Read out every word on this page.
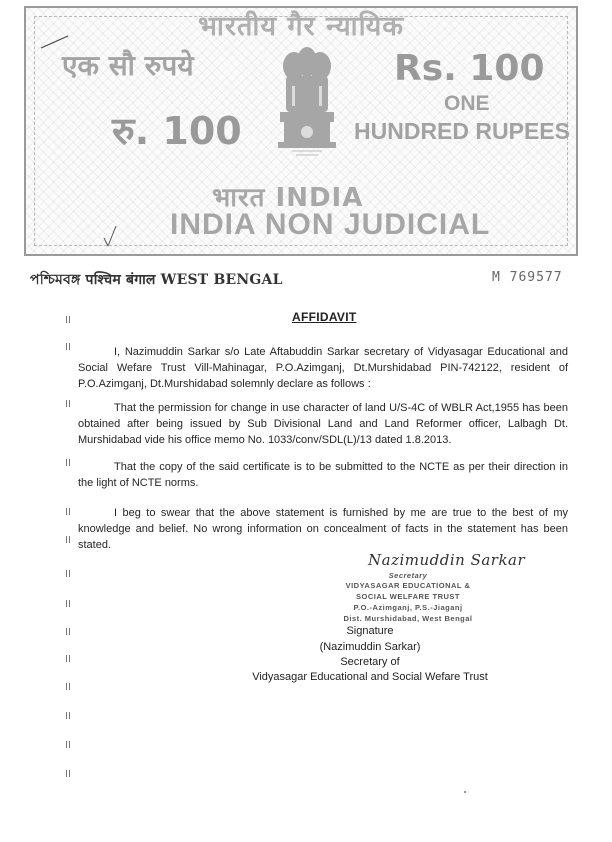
भारतीय गैर न्यायिक
एक सौ रुपये
रु. 100
Rs. 100
ONE
HUNDRED RUPEES
भारत INDIA
INDIA NON JUDICIAL
পশ্চিমবঙ্গ पश्चिम बंगाल WEST BENGAL	M 769577
AFFIDAVIT

I, Nazimuddin Sarkar s/o Late Aftabuddin Sarkar secretary of Vidyasagar Educational and Social Wefare Trust Vill-Mahinagar, P.O.Azimganj, Dt.Murshidabad PIN-742122, resident of P.O.Azimganj, Dt.Murshidabad solemnly declare as follows :

That the permission for change in use character of land U/S-4C of WBLR Act,1955 has been obtained after being issued by Sub Divisional Land and Land Reformer officer, Lalbagh Dt. Murshidabad vide his office memo No. 1033/conv/SDL(L)/13 dated 1.8.2013.

That the copy of the said certificate is to be submitted to the NCTE as per their direction in the light of NCTE norms.

I beg to swear that the above statement is furnished by me are true to the best of my knowledge and belief. No wrong information on concealment of facts in the statement has been stated.

Nazimuddin Sarkar
Secretary
VIDYASAGAR EDUCATIONAL &
SOCIAL WELFARE TRUST
P.O.-Azimganj, P.S.-Jiaganj
Dist. Murshidabad, West Bengal
Signature
(Nazimuddin Sarkar)
Secretary of
Vidyasagar Educational and Social Wefare Trust
